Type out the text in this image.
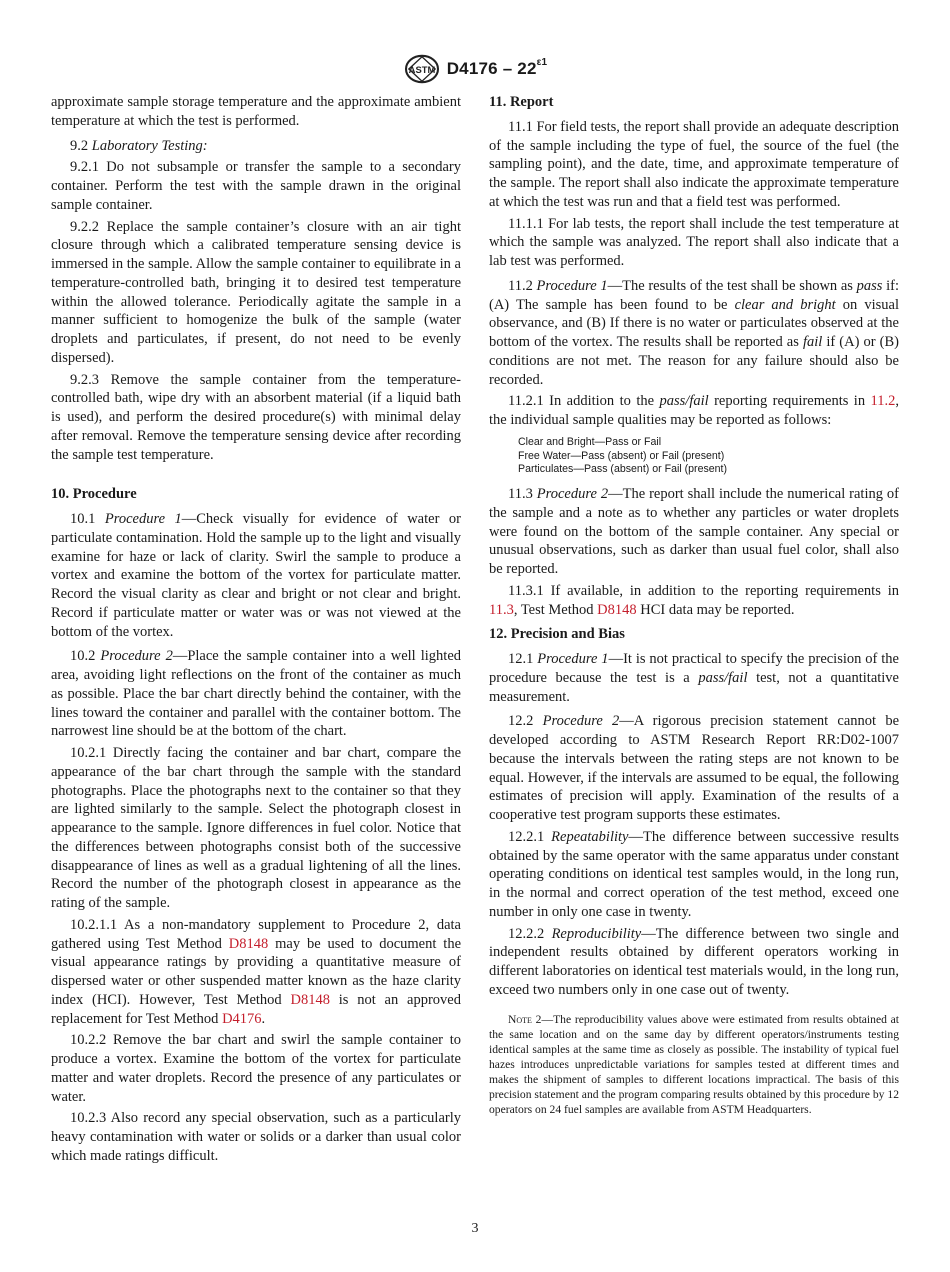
ASTM $D4176 - 22^{\varepsilon 1}$

approximate sample storage temperature and the approximate ambient temperature at which the test is performed.

9.2 Laboratory Testing:

9.2.1 Do not subsample or transfer the sample to a secondary container. Perform the test with the sample drawn in the original sample container.

9.2.2 Replace the sample container’s closure with an air tight closure through which a calibrated temperature sensing device is immersed in the sample. Allow the sample container to equilibrate in a temperature-controlled bath, bringing it to desired test temperature within the allowed tolerance. Periodically agitate the sample in a manner sufficient to homogenize the bulk of the sample (water droplets and particulates, if present, do not need to be evenly dispersed).

9.2.3 Remove the sample container from the temperature-controlled bath, wipe dry with an absorbent material (if a liquid bath is used), and perform the desired procedure(s) with minimal delay after removal. Remove the temperature sensing device after recording the sample test temperature.

10. Procedure

10.1 Procedure 1—Check visually for evidence of water or particulate contamination. Hold the sample up to the light and visually examine for haze or lack of clarity. Swirl the sample to produce a vortex and examine the bottom of the vortex for particulate matter. Record the visual clarity as clear and bright or not clear and bright. Record if particulate matter or water was or was not viewed at the bottom of the vortex.

10.2 Procedure 2—Place the sample container into a well lighted area, avoiding light reflections on the front of the container as much as possible. Place the bar chart directly behind the container, with the lines toward the container and parallel with the container bottom. The narrowest line should be at the bottom of the chart.

10.2.1 Directly facing the container and bar chart, compare the appearance of the bar chart through the sample with the standard photographs. Place the photographs next to the container so that they are lighted similarly to the sample. Select the photograph closest in appearance to the sample. Ignore differences in fuel color. Notice that the differences between photographs consist both of the successive disappearance of lines as well as a gradual lightening of all the lines. Record the number of the photograph closest in appearance as the rating of the sample.

10.2.1.1 As a non-mandatory supplement to Procedure 2, data gathered using Test Method D8148 may be used to document the visual appearance ratings by providing a quantitative measure of dispersed water or other suspended matter known as the haze clarity index (HCI). However, Test Method D8148 is not an approved replacement for Test Method D4176.

10.2.2 Remove the bar chart and swirl the sample container to produce a vortex. Examine the bottom of the vortex for particulate matter and water droplets. Record the presence of any particulates or water.

10.2.3 Also record any special observation, such as a particularly heavy contamination with water or solids or a darker than usual color which made ratings difficult.

11. Report

11.1 For field tests, the report shall provide an adequate description of the sample including the type of fuel, the source of the fuel (the sampling point), and the date, time, and approximate temperature of the sample. The report shall also indicate the approximate temperature at which the test was run and that a field test was performed.

11.1.1 For lab tests, the report shall include the test temperature at which the sample was analyzed. The report shall also indicate that a lab test was performed.

11.2 Procedure 1—The results of the test shall be shown as pass if: (A) The sample has been found to be clear and bright on visual observance, and (B) If there is no water or particulates observed at the bottom of the vortex. The results shall be reported as fail if (A) or (B) conditions are not met. The reason for any failure should also be recorded.

11.2.1 In addition to the pass/fail reporting requirements in 11.2, the individual sample qualities may be reported as follows:

Clear and Bright—Pass or Fail
Free Water—Pass (absent) or Fail (present)
Particulates—Pass (absent) or Fail (present)

11.3 Procedure 2—The report shall include the numerical rating of the sample and a note as to whether any particles or water droplets were found on the bottom of the sample container. Any special or unusual observations, such as darker than usual fuel color, shall also be reported.

11.3.1 If available, in addition to the reporting requirements in 11.3, Test Method D8148 HCI data may be reported.

12. Precision and Bias

12.1 Procedure 1—It is not practical to specify the precision of the procedure because the test is a pass/fail test, not a quantitative measurement.

12.2 Procedure 2—A rigorous precision statement cannot be developed according to ASTM Research Report RR:D02-1007 because the intervals between the rating steps are not known to be equal. However, if the intervals are assumed to be equal, the following estimates of precision will apply. Examination of the results of a cooperative test program supports these estimates.

12.2.1 Repeatability—The difference between successive results obtained by the same operator with the same apparatus under constant operating conditions on identical test samples would, in the long run, in the normal and correct operation of the test method, exceed one number in only one case in twenty.

12.2.2 Reproducibility—The difference between two single and independent results obtained by different operators working in different laboratories on identical test materials would, in the long run, exceed two numbers only in one case out of twenty.

Note 2—The reproducibility values above were estimated from results obtained at the same location and on the same day by different operators/instruments testing identical samples at the same time as closely as possible. The instability of typical fuel hazes introduces unpredictable variations for samples tested at different times and makes the shipment of samples to different locations impractical. The basis of this precision statement and the program comparing results obtained by this procedure by 12 operators on 24 fuel samples are available from ASTM Headquarters.
3
